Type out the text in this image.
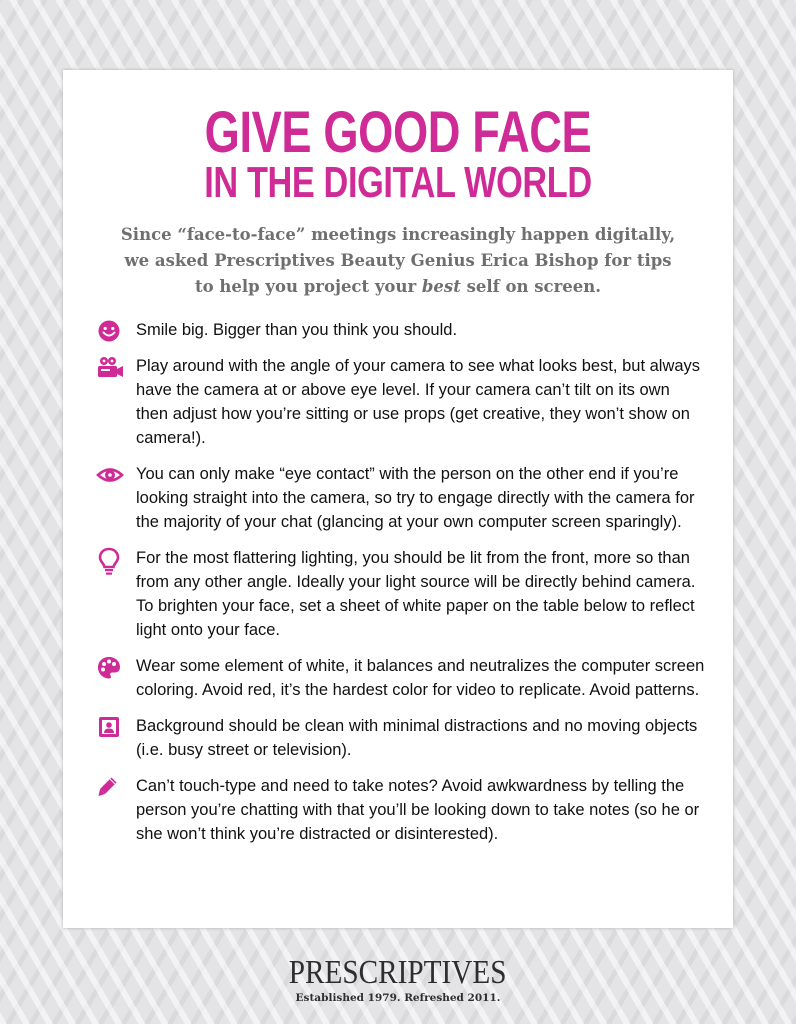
GIVE GOOD FACE
IN THE DIGITAL WORLD
Since “face-to-face” meetings increasingly happen digitally,
we asked Prescriptives Beauty Genius Erica Bishop for tips
to help you project your best self on screen.
Smile big. Bigger than you think you should.
Play around with the angle of your camera to see what looks best, but always have the camera at or above eye level. If your camera can’t tilt on its own then adjust how you’re sitting or use props (get creative, they won’t show on camera!).
You can only make “eye contact” with the person on the other end if you’re looking straight into the camera, so try to engage directly with the camera for the majority of your chat (glancing at your own computer screen sparingly).
For the most flattering lighting, you should be lit from the front, more so than from any other angle. Ideally your light source will be directly behind camera. To brighten your face, set a sheet of white paper on the table below to reflect light onto your face.
Wear some element of white, it balances and neutralizes the computer screen coloring. Avoid red, it’s the hardest color for video to replicate. Avoid patterns.
Background should be clean with minimal distractions and no moving objects (i.e. busy street or television).
Can’t touch-type and need to take notes? Avoid awkwardness by telling the person you’re chatting with that you’ll be looking down to take notes (so he or she won’t think you’re distracted or disinterested).
PRESCRIPTIVES
Established 1979. Refreshed 2011.
